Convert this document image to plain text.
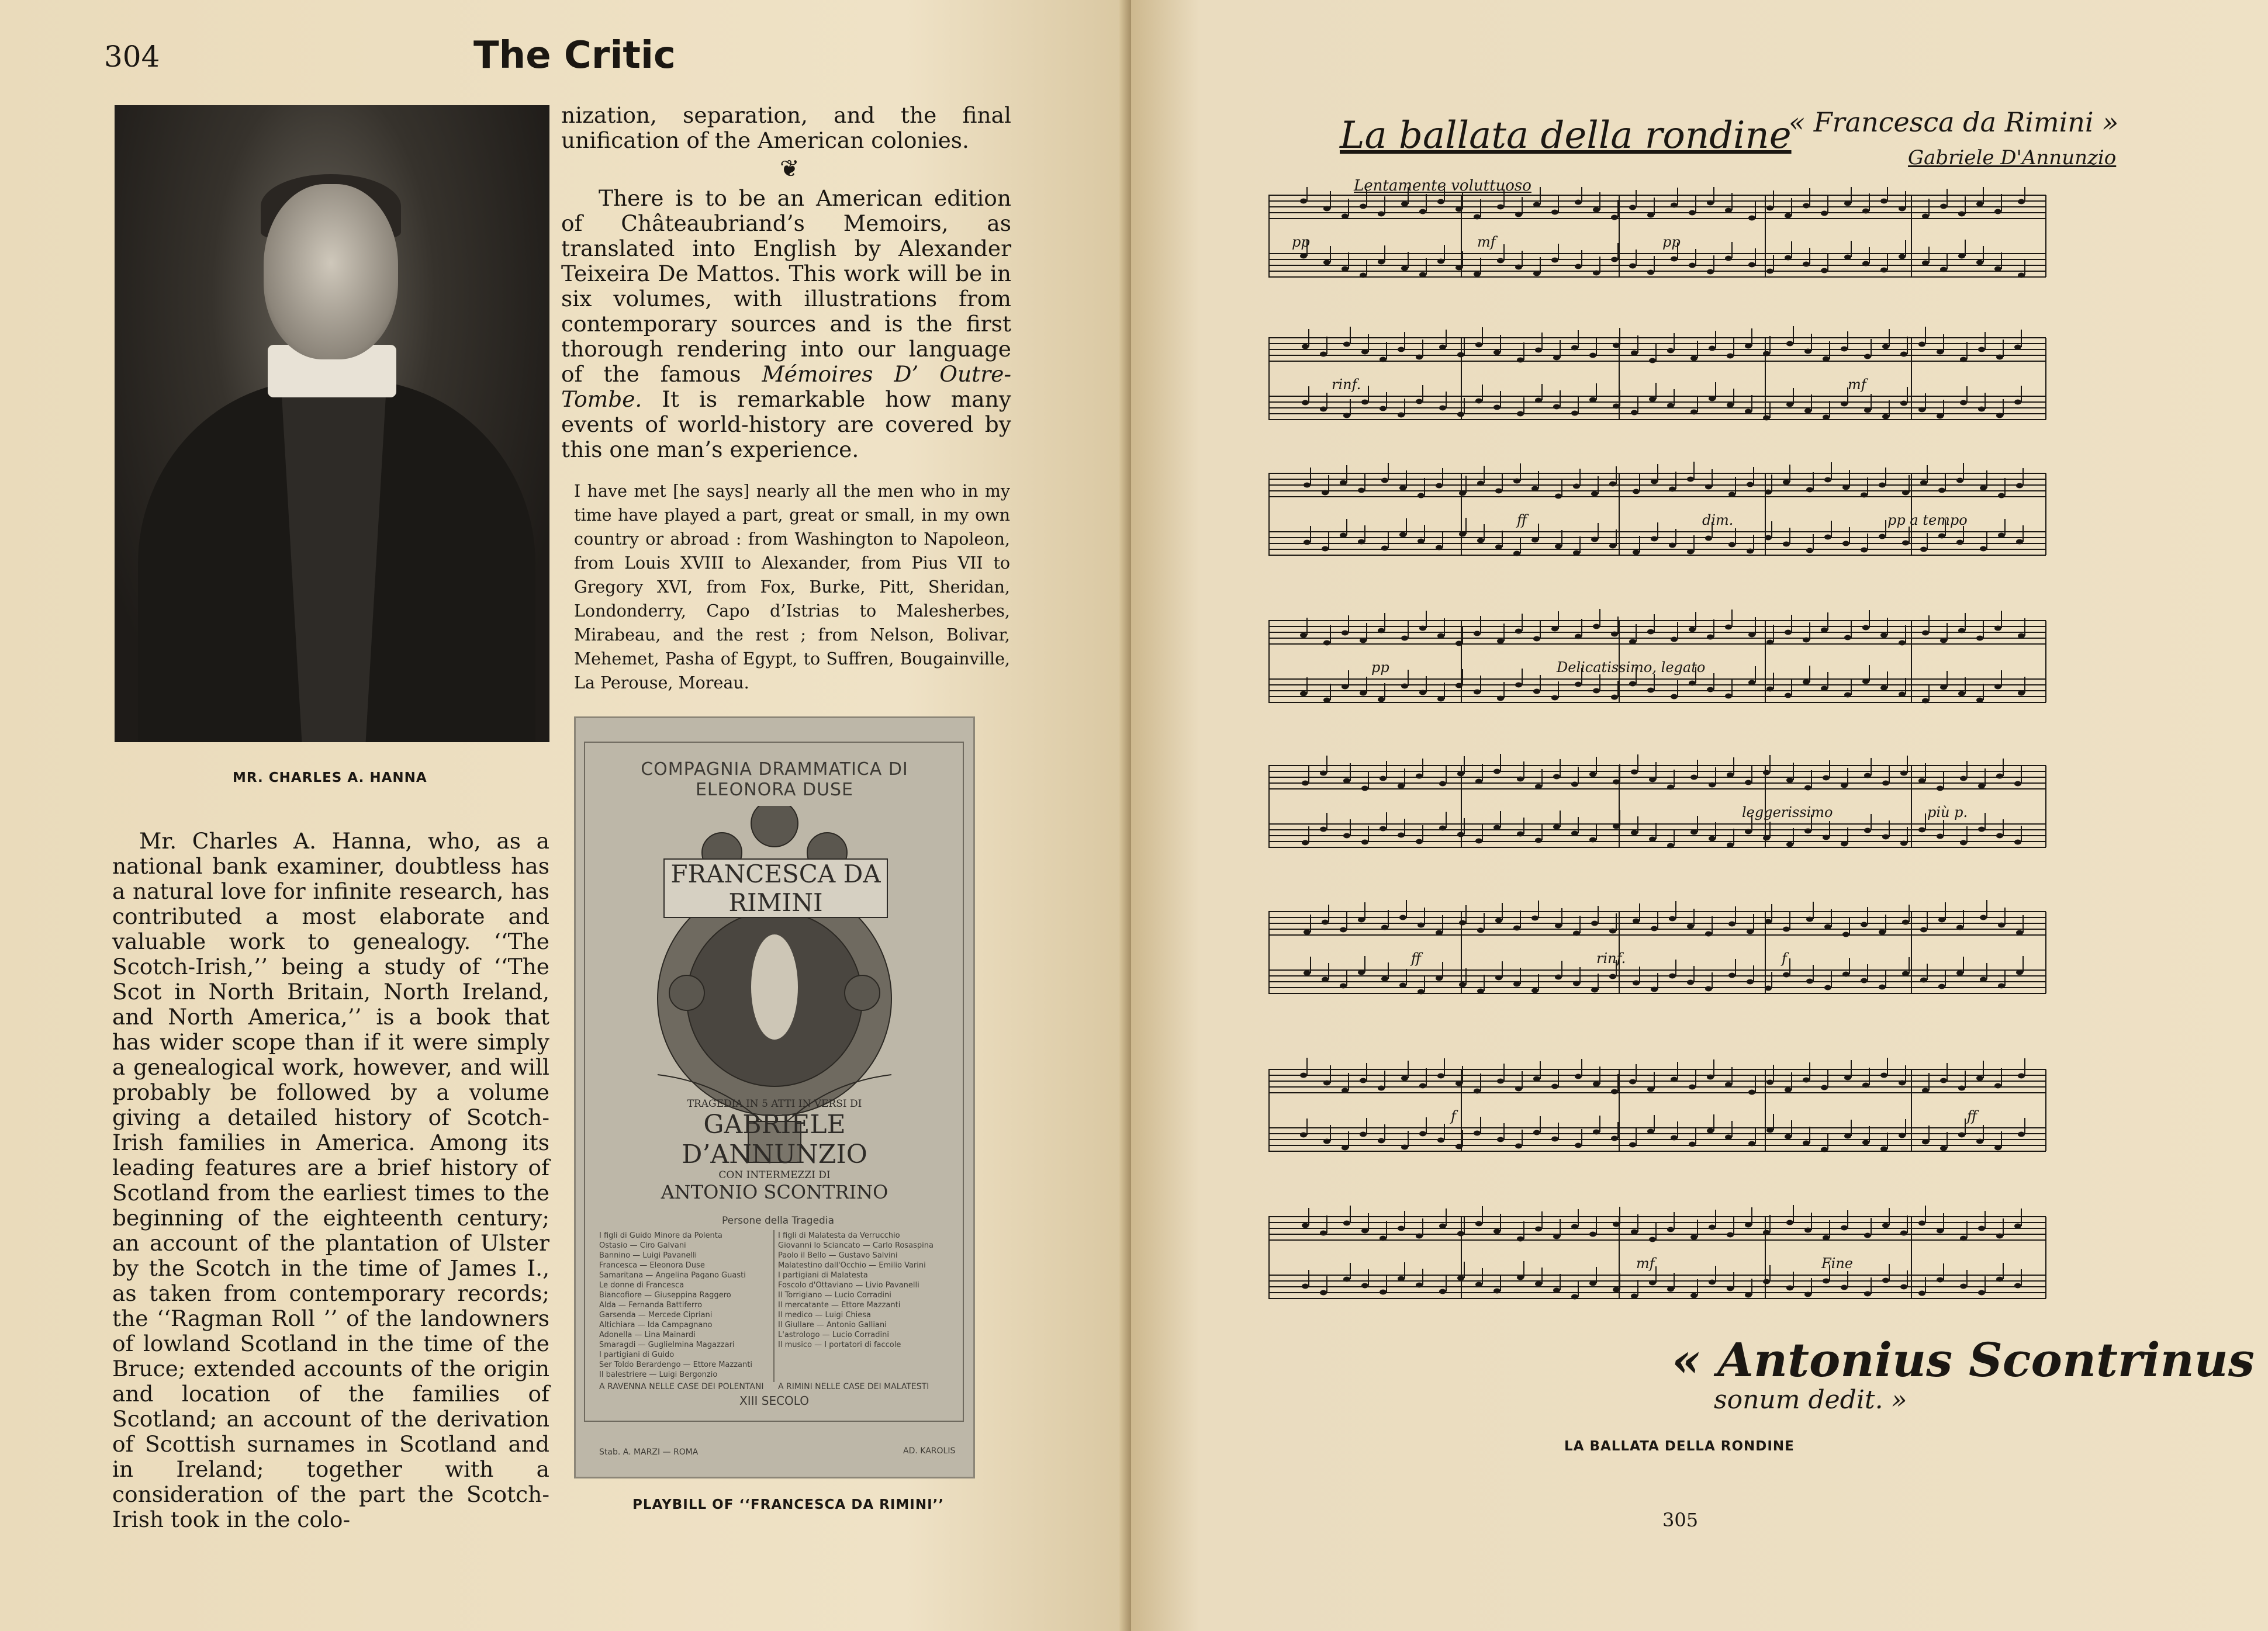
304	The Critic
MR. CHARLES A. HANNA
Mr. Charles A. Hanna, who, as a national bank examiner, doubtless has a natural love for infinite research, has contributed a most elaborate and valuable work to genealogy. ‘‘The Scotch-Irish,’’ being a study of ‘‘The Scot in North Britain, North Ireland, and North America,’’ is a book that has wider scope than if it were simply a genealogical work, however, and will probably be followed by a volume giving a detailed history of Scotch-Irish families in America. Among its leading features are a brief history of Scotland from the earliest times to the beginning of the eighteenth century; an account of the plantation of Ulster by the Scotch in the time of James I., as taken from contemporary records; the ‘‘Ragman Roll ’’ of the landowners of lowland Scotland in the time of the Bruce; extended accounts of the origin and location of the families of Scotland; an account of the derivation of Scottish surnames in Scotland and in Ireland; together with a consideration of the part the Scotch-Irish took in the colo-
nization, separation, and the final unification of the American colonies.
❦
There is to be an American edition of Châteaubriand’s Memoirs, as translated into English by Alexander Teixeira De Mattos. This work will be in six volumes, with illustrations from contemporary sources and is the first thorough rendering into our language of the famous Mémoires D’ Outre-Tombe. It is remarkable how many events of world-history are covered by this one man’s experience.
I have met [he says] nearly all the men who in my time have played a part, great or small, in my own country or abroad : from Washington to Napoleon, from Louis XVIII to Alexander, from Pius VII to Gregory XVI, from Fox, Burke, Pitt, Sheridan, Londonderry, Capo d’Istrias to Malesherbes, Mirabeau, and the rest ; from Nelson, Bolivar, Mehemet, Pasha of Egypt, to Suffren, Bougainville, La Perouse, Moreau.
COMPAGNIA DRAMMATICA DI ELEONORA DUSE
FRANCESCA DA RIMINI
TRAGEDIA IN 5 ATTI IN VERSI DI
GABRIELE D’ANNUNZIO
CON INTERMEZZI DI
ANTONIO SCONTRINO
Persone della Tragedia
I figli di Guido Minore da Polenta
Ostasio — Ciro Galvani
Bannino — Luigi Pavanelli
Francesca — Eleonora Duse
Samaritana — Angelina Pagano Guasti
Le donne di Francesca
Biancofiore — Giuseppina Raggero
Alda — Fernanda Battiferro
Garsenda — Mercede Cipriani
Altichiara — Ida Campagnano
Adonella — Lina Mainardi
Smaragdi — Guglielmina Magazzari
I partigiani di Guido
Ser Toldo Berardengo — Ettore Mazzanti
Il balestriere — Luigi Bergonzio
I figli di Malatesta da Verrucchio
Giovanni lo Sciancato — Carlo Rosaspina
Paolo il Bello — Gustavo Salvini
Malatestino dall'Occhio — Emilio Varini
I partigiani di Malatesta
Foscolo d'Ottaviano — Livio Pavanelli
Il Torrigiano — Lucio Corradini
Il mercatante — Ettore Mazzanti
Il medico — Luigi Chiesa
Il Giullare — Antonio Galliani
L'astrologo — Lucio Corradini
Il musico — I portatori di faccole
A RAVENNA NELLE CASE DEI POLENTANI A RIMINI NELLE CASE DEI MALATESTI
XIII SECOLO
Stab. A. MARZI — ROMA	AD. KAROLIS
PLAYBILL OF ‘‘FRANCESCA DA RIMINI’’
La ballata della rondine
« Francesca da Rimini »
Gabriele D'Annunzio
Lentamente voluttuoso
pp	mf	pp
mf
rinf.
ff	dim.	pp a tempo
pp	Delicatissimo, legato
leggerissimo	più p.
ff	rinf.	f
ff
f
mf	Fine
« Antonius Scontrinus
sonum dedit. »
LA BALLATA DELLA RONDINE
305
